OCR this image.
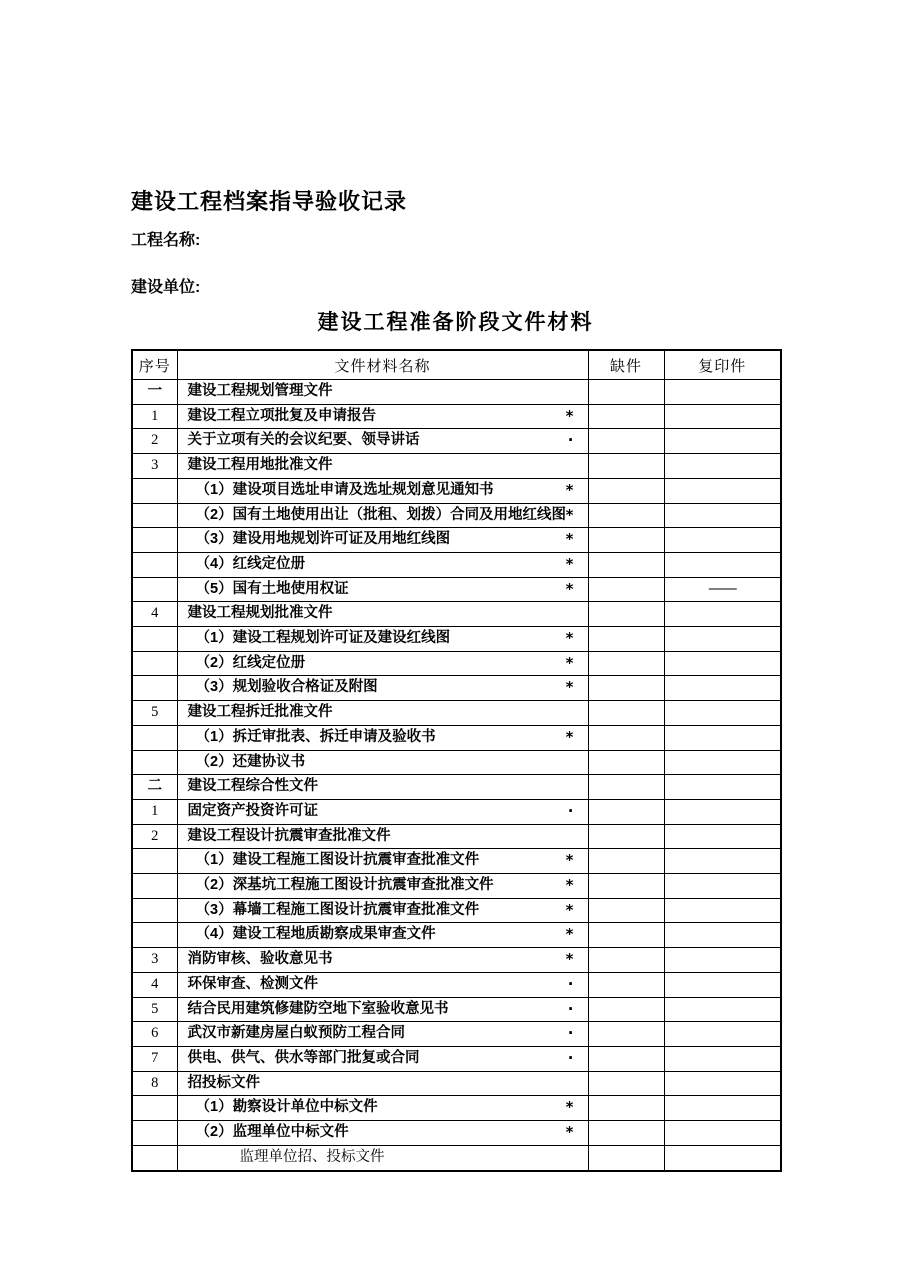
建设工程档案指导验收记录
工程名称:
建设单位:
建设工程准备阶段文件材料
序号	文件材料名称	缺件	复印件
一	建设工程规划管理文件

1	建设工程立项批复及申请报告 *		

2	关于立项有关的会议纪要、领导讲话 ·		

3	建设工程用地批准文件

	（1）建设项目选址申请及选址规划意见通知书 *		

	（2）国有土地使用出让（批租、划拨）合同及用地红线图 *		

	（3）建设用地规划许可证及用地红线图 *		

	（4）红线定位册 *		

	（5）国有土地使用权证 *		——
4	建设工程规划批准文件

	（1）建设工程规划许可证及建设红线图 *		

	（2）红线定位册 *		

	（3）规划验收合格证及附图 *		

5	建设工程拆迁批准文件

	（1）拆迁审批表、拆迁申请及验收书 *		

	（2）还建协议书

二	建设工程综合性文件

1	固定资产投资许可证 ·		

2	建设工程设计抗震审查批准文件

	（1）建设工程施工图设计抗震审查批准文件 *		

	（2）深基坑工程施工图设计抗震审查批准文件 *		

	（3）幕墙工程施工图设计抗震审查批准文件 *		

	（4）建设工程地质勘察成果审查文件 *		

3	消防审核、验收意见书 *		

4	环保审查、检测文件 ·		

5	结合民用建筑修建防空地下室验收意见书 ·		

6	武汉市新建房屋白蚁预防工程合同 ·		

7	供电、供气、供水等部门批复或合同 ·		

8	招投标文件

	（1）勘察设计单位中标文件 *		

	（2）监理单位中标文件 *		

	监理单位招、投标文件
